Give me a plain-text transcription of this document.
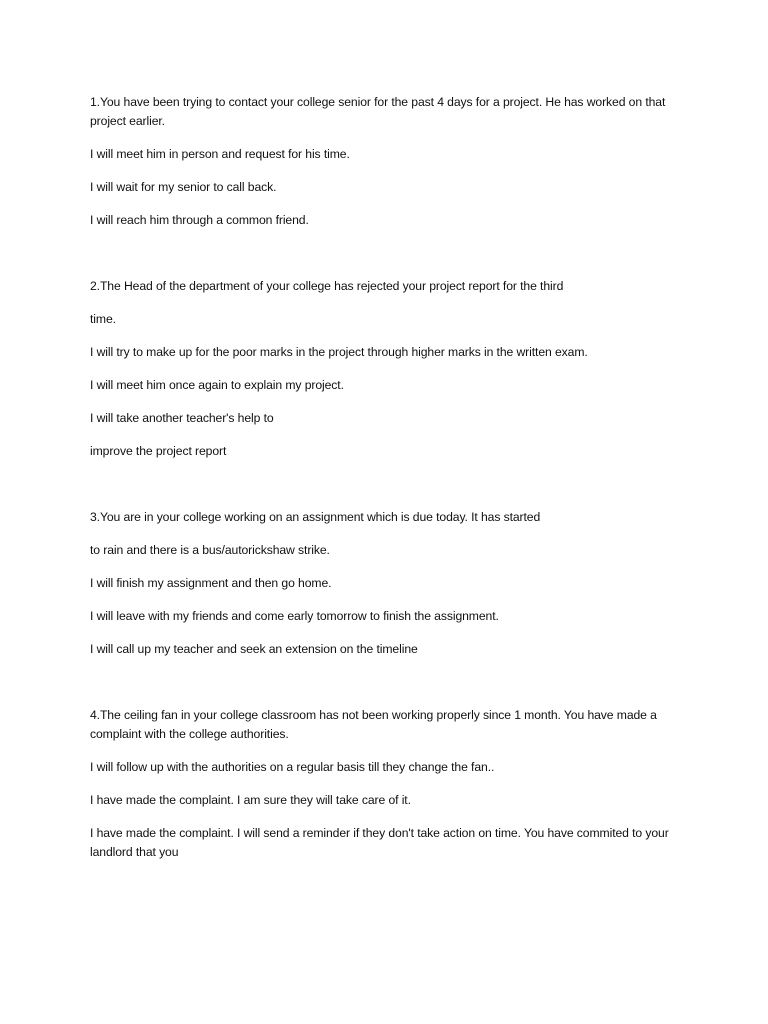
1.You have been trying to contact your college senior for the past 4 days for a project. He has worked on that project earlier.

I will meet him in person and request for his time.

I will wait for my senior to call back.

I will reach him through a common friend.

2.The Head of the department of your college has rejected your project report for the third

time.

I will try to make up for the poor marks in the project through higher marks in the written exam.

I will meet him once again to explain my project.

I will take another teacher's help to

improve the project report

3.You are in your college working on an assignment which is due today. It has started

to rain and there is a bus/autorickshaw strike.

I will finish my assignment and then go home.

I will leave with my friends and come early tomorrow to finish the assignment.

I will call up my teacher and seek an extension on the timeline

4.The ceiling fan in your college classroom has not been working properly since 1 month. You have made a complaint with the college authorities.

I will follow up with the authorities on a regular basis till they change the fan..

I have made the complaint. I am sure they will take care of it.

I have made the complaint. I will send a reminder if they don't take action on time. You have commited to your landlord that you
